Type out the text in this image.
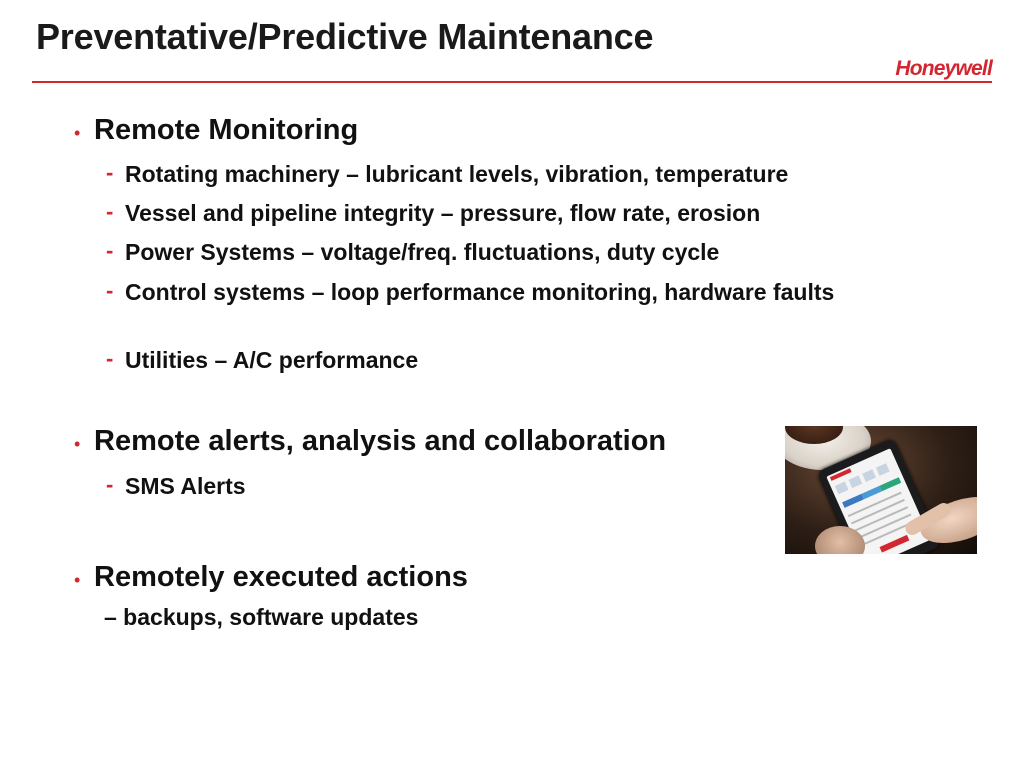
Preventative/Predictive Maintenance
Honeywell
• Remote Monitoring
- Rotating machinery – lubricant levels, vibration, temperature
- Vessel and pipeline integrity – pressure, flow rate, erosion
- Power Systems – voltage/freq. fluctuations, duty cycle
- Control systems – loop performance monitoring, hardware faults
- Utilities – A/C performance
• Remote alerts, analysis and collaboration
- SMS Alerts
• Remotely executed actions
– backups, software updates
